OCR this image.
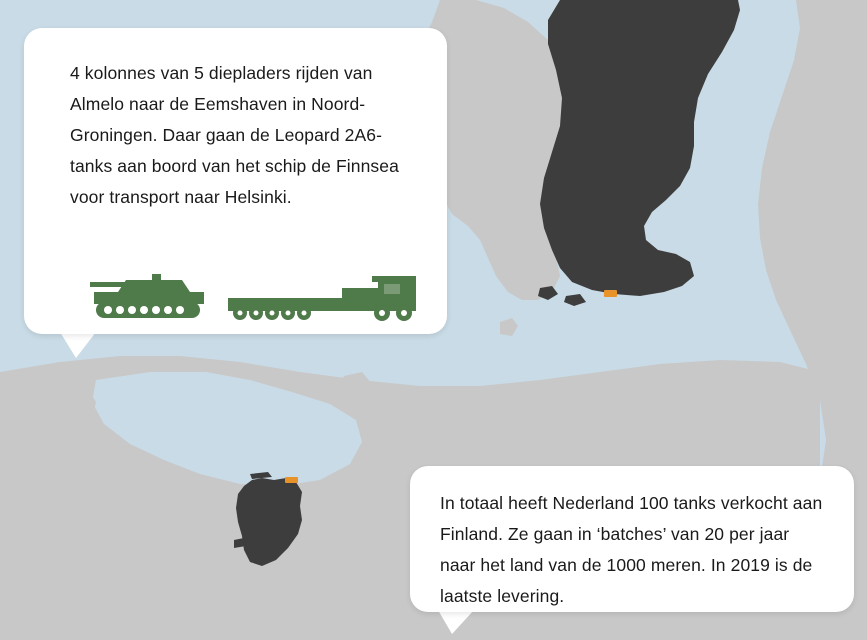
4 kolonnes van 5 diepladers rijden van Almelo naar de Eemshaven in Noord-Groningen. Daar gaan de Leopard 2A6-tanks aan boord van het schip de Finnsea voor transport naar Helsinki.

In totaal heeft Nederland 100 tanks verkocht aan Finland. Ze gaan in ‘batches’ van 20 per jaar naar het land van de 1000 meren. In 2019 is de laatste levering.
